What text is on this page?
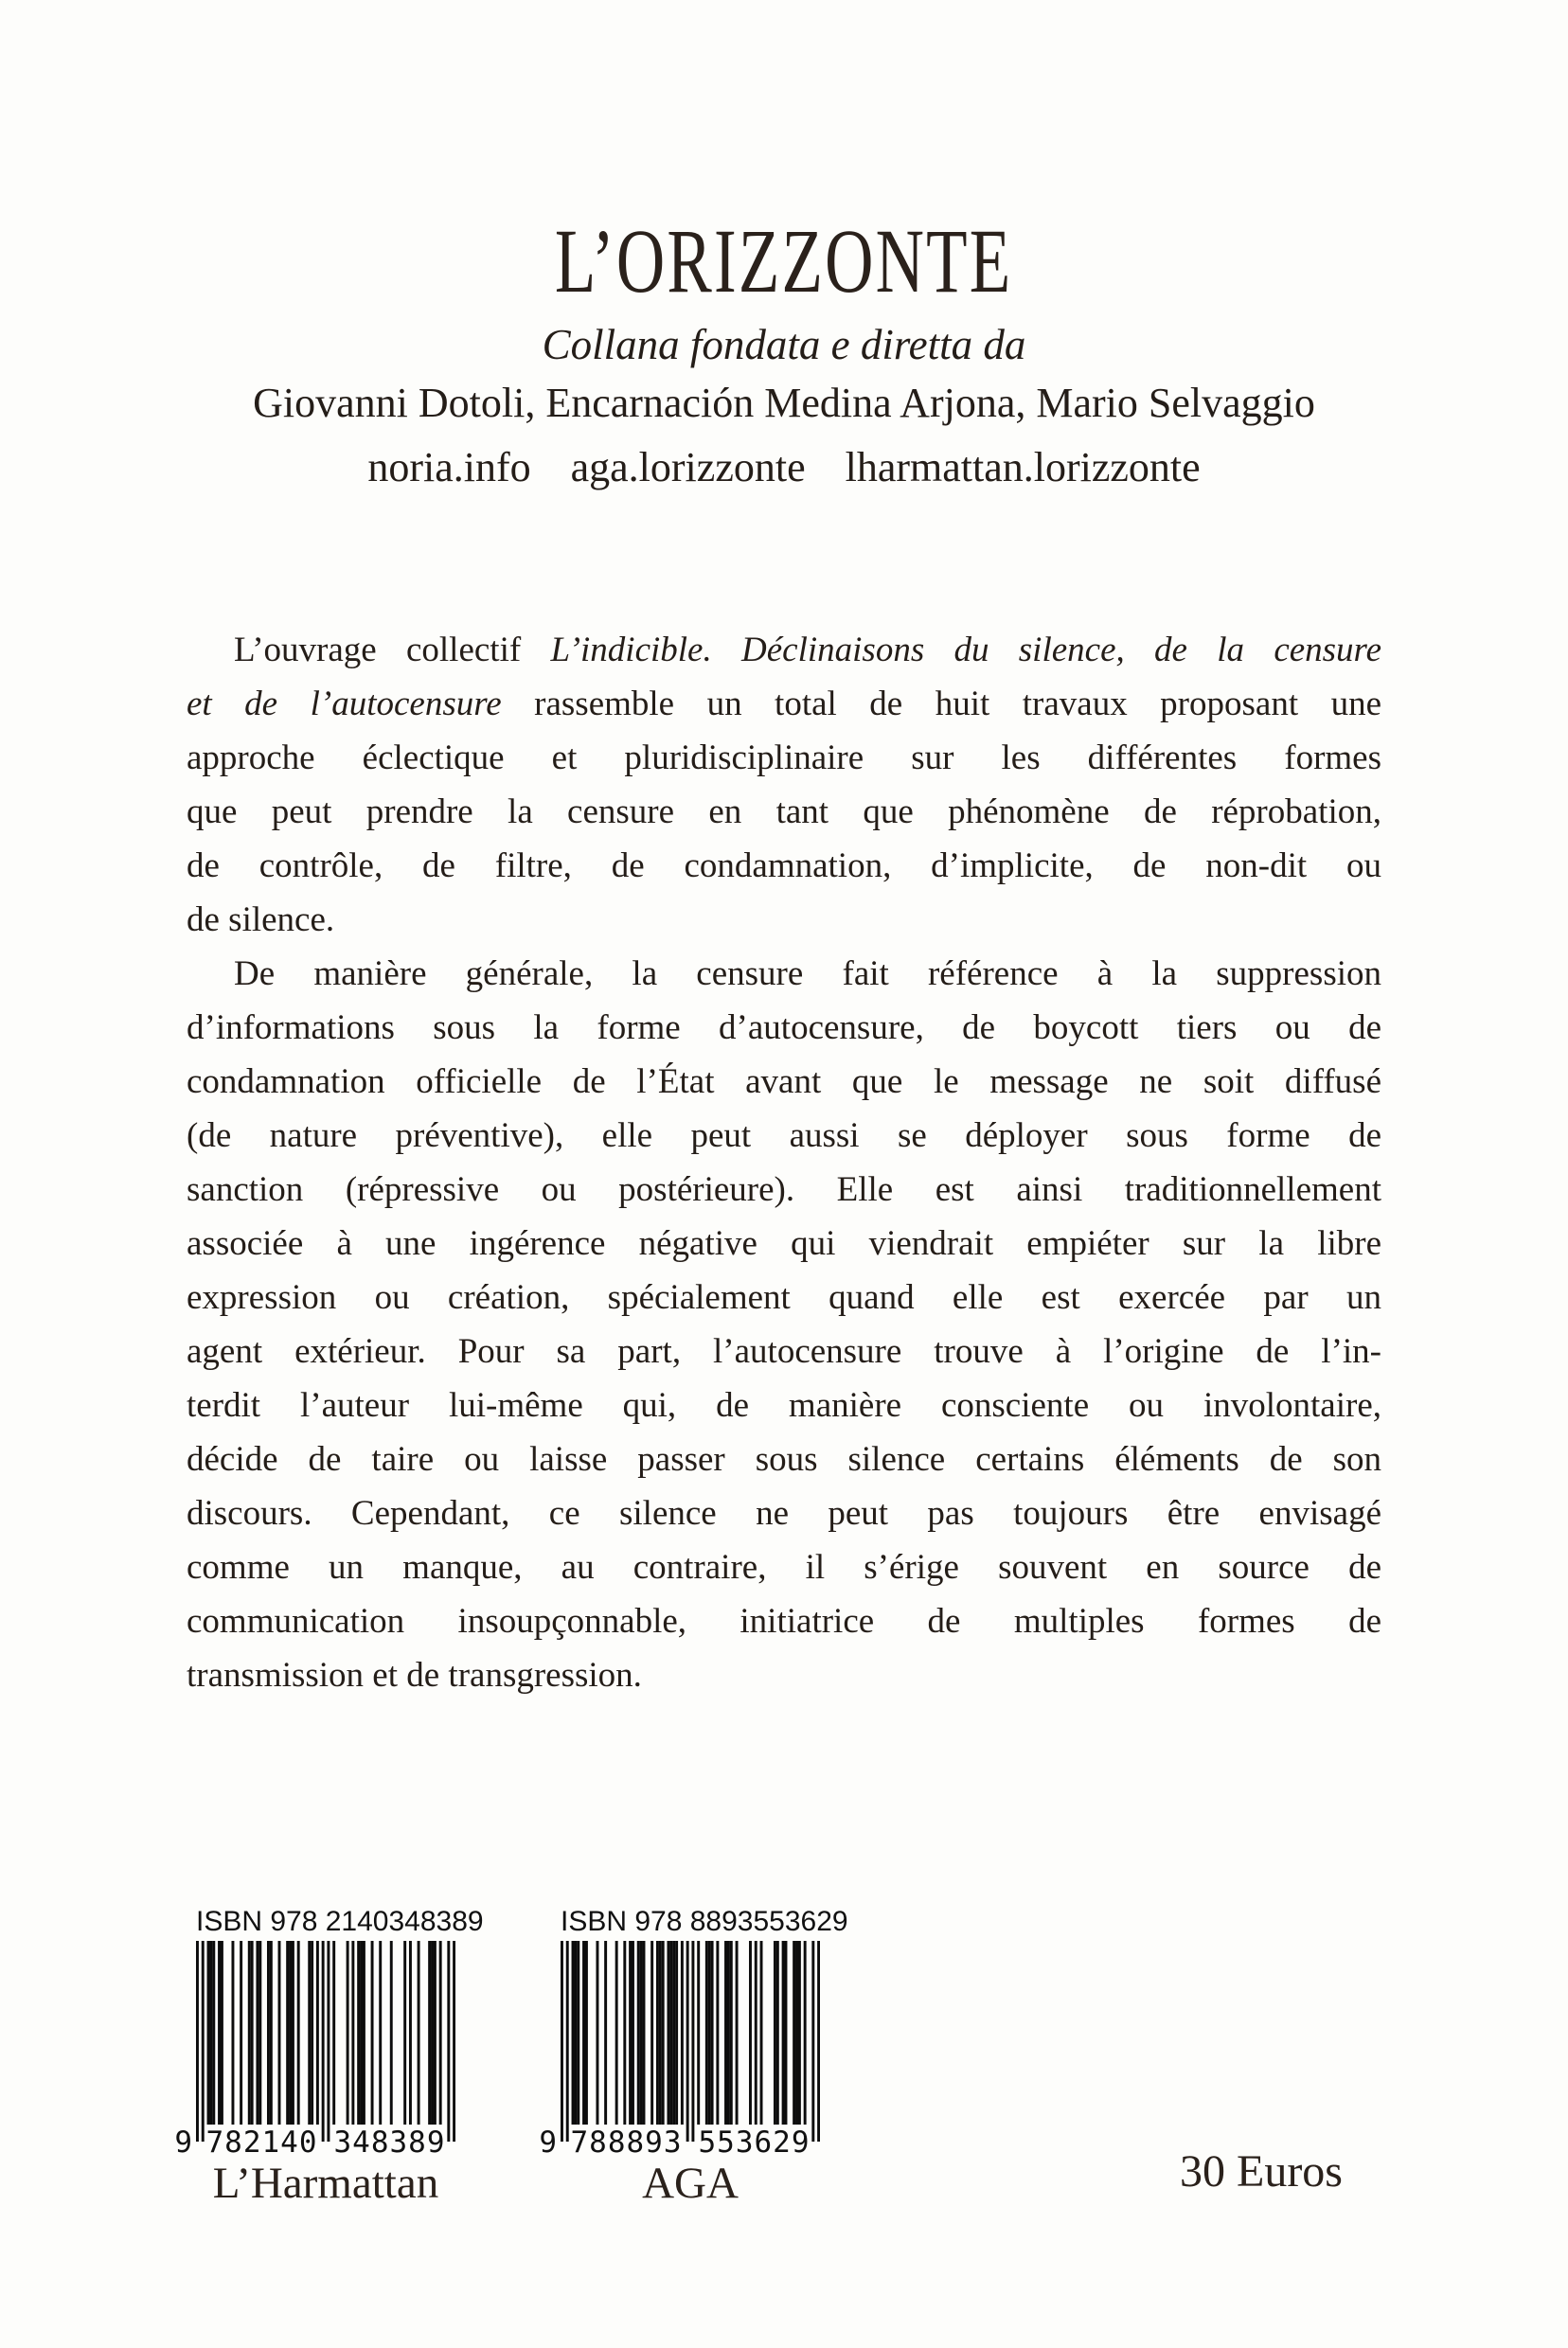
L’ORIZZONTE
Collana fondata e diretta da
Giovanni Dotoli, Encarnación Medina Arjona, Mario Selvaggio
noria.info aga.lorizzonte lharmattan.lorizzonte
L’ouvrage collectif L’indicible. Déclinaisons du silence, de la censure
et de l’autocensure rassemble un total de huit travaux proposant une
approche éclectique et pluridisciplinaire sur les différentes formes
que peut prendre la censure en tant que phénomène de réprobation,
de contrôle, de filtre, de condamnation, d’implicite, de non-dit ou
de silence.
De manière générale, la censure fait référence à la suppression
d’informations sous la forme d’autocensure, de boycott tiers ou de
condamnation officielle de l’État avant que le message ne soit diffusé
(de nature préventive), elle peut aussi se déployer sous forme de
sanction (répressive ou postérieure). Elle est ainsi traditionnellement
associée à une ingérence négative qui viendrait empiéter sur la libre
expression ou création, spécialement quand elle est exercée par un
agent extérieur. Pour sa part, l’autocensure trouve à l’origine de l’in-
terdit l’auteur lui-même qui, de manière consciente ou involontaire,
décide de taire ou laisse passer sous silence certains éléments de son
discours. Cependant, ce silence ne peut pas toujours être envisagé
comme un manque, au contraire, il s’érige souvent en source de
communication insoupçonnable, initiatrice de multiples formes de
transmission et de transgression.
ISBN 978 2140348389
9 782140 348389
L’Harmattan
ISBN 978 8893553629
9 788893 553629
AGA	30 Euros
